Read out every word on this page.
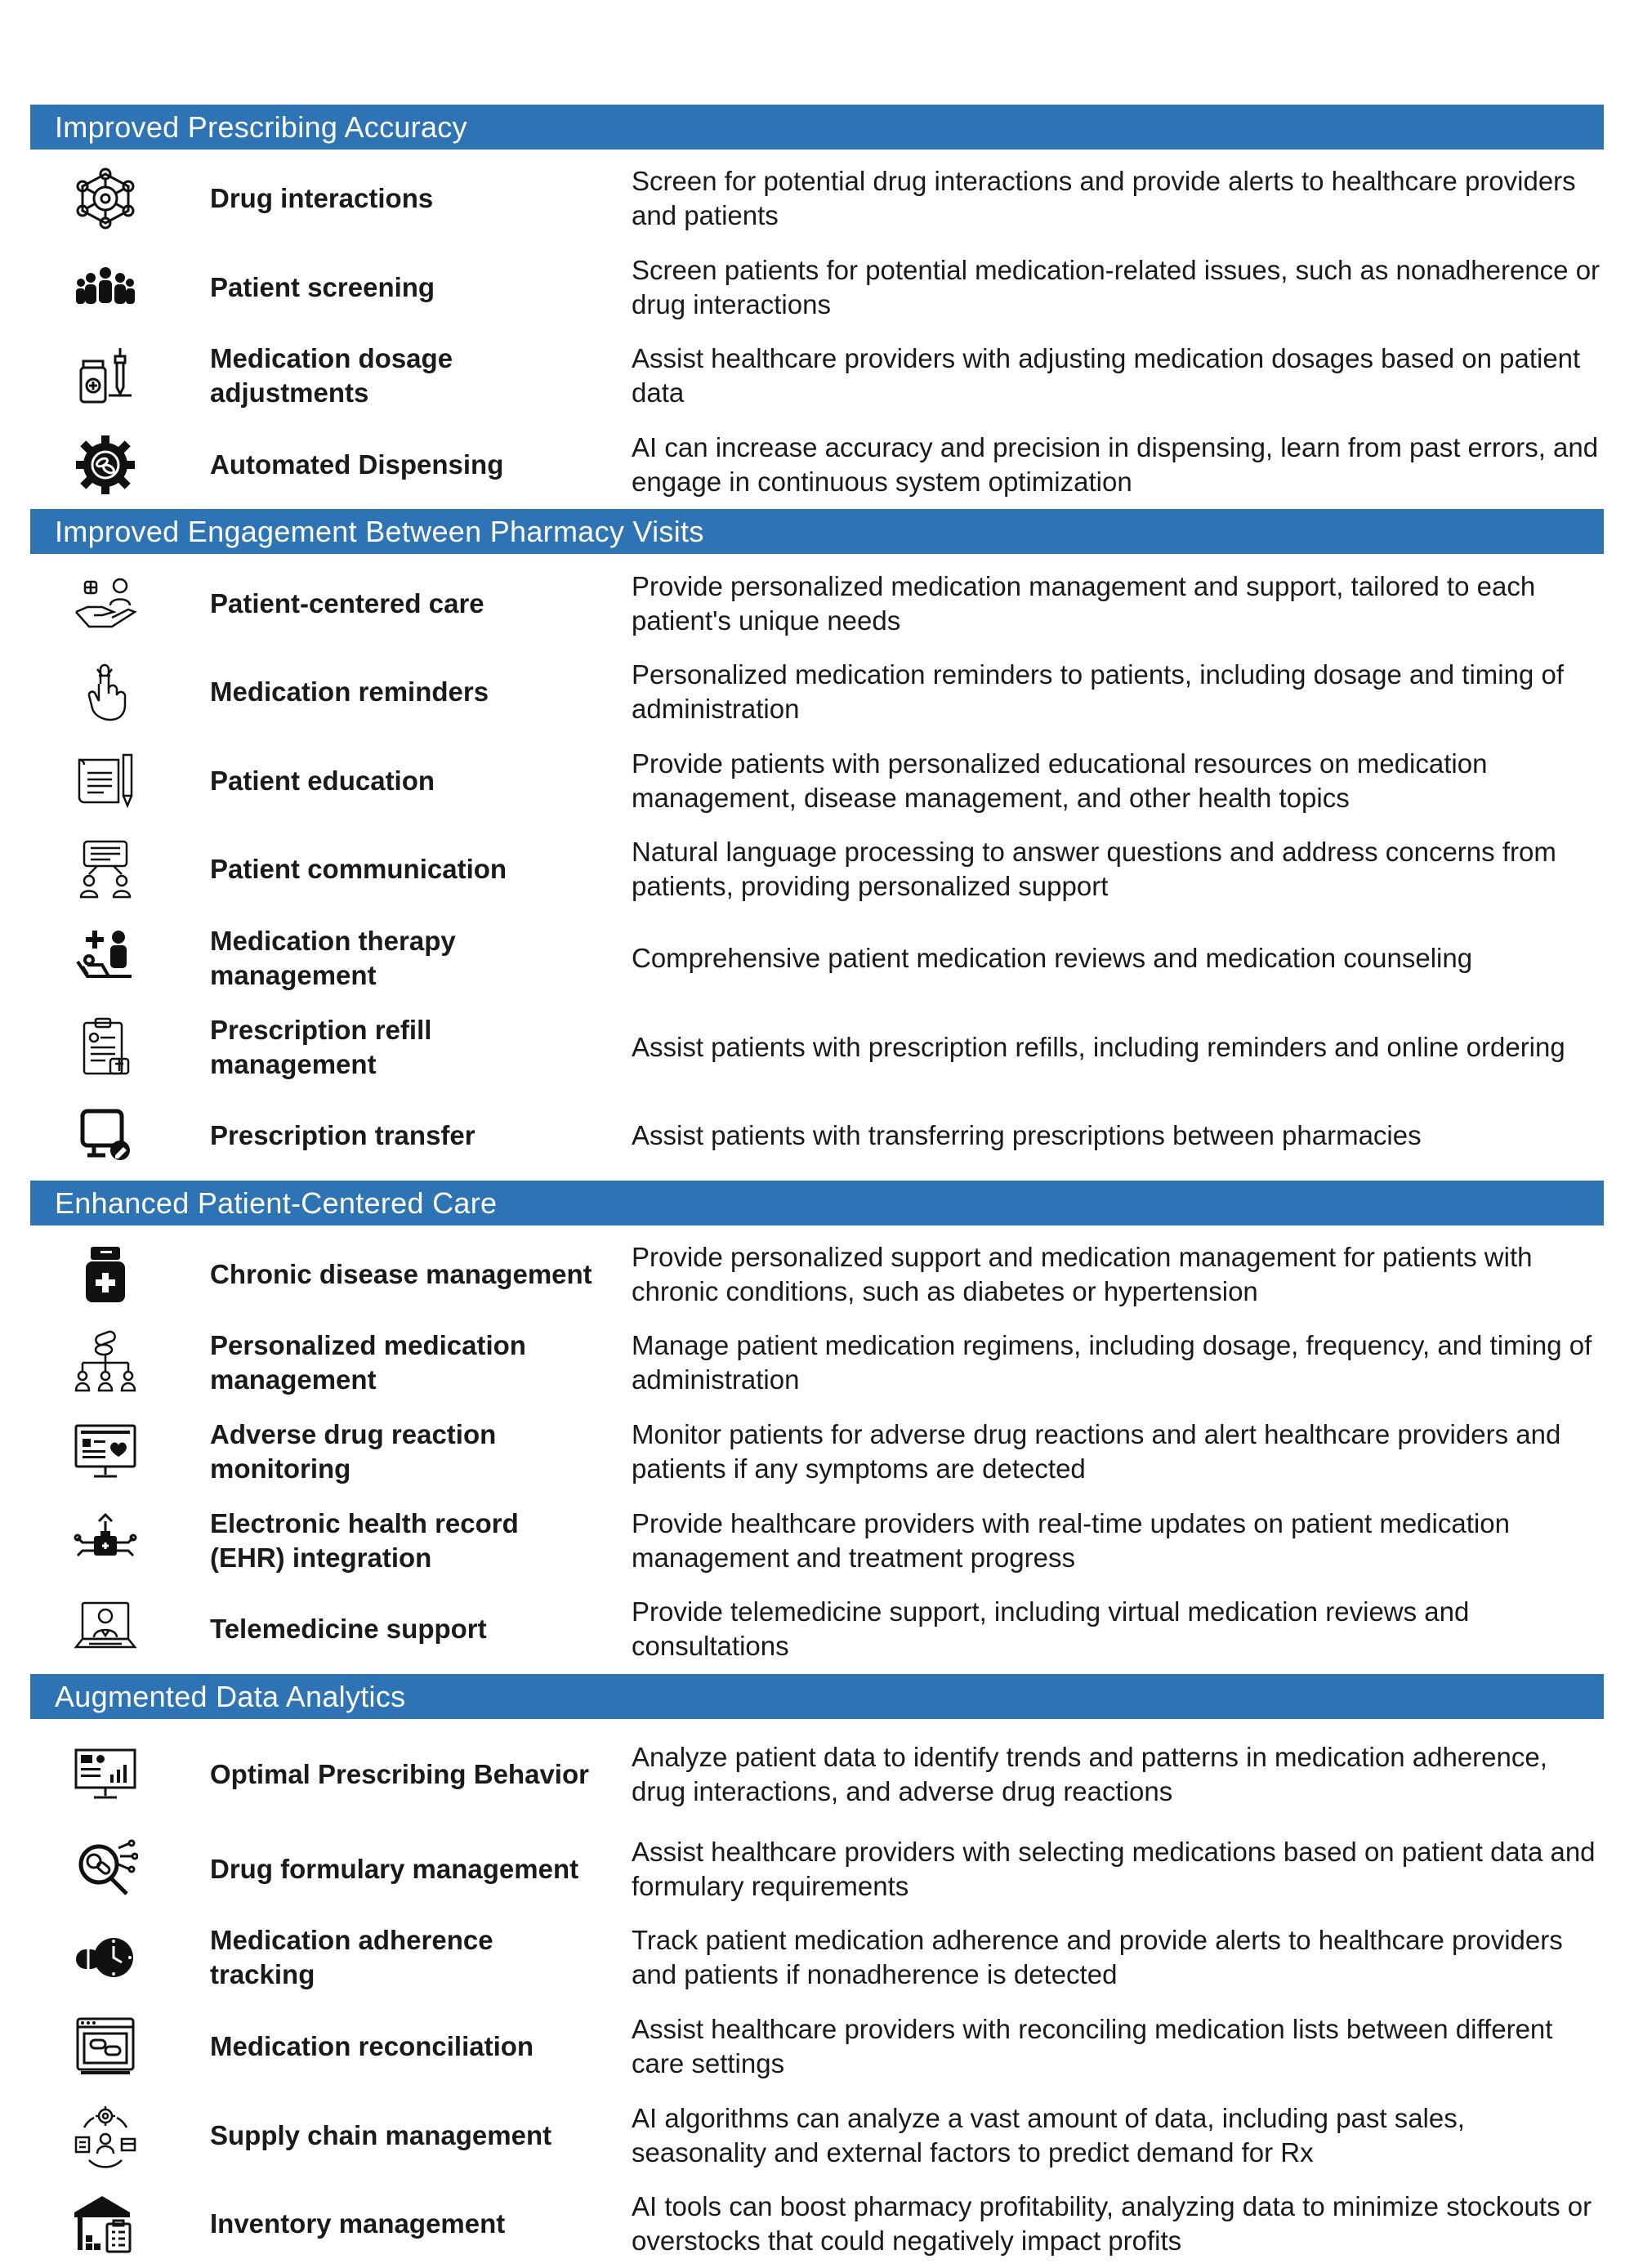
Improved Prescribing Accuracy
Drug interactions
Screen for potential drug interactions and provide alerts to healthcare providers and patients
Patient screening
Screen patients for potential medication-related issues, such as nonadherence or drug interactions
Medication dosage adjustments
Assist healthcare providers with adjusting medication dosages based on patient data
Automated Dispensing
AI can increase accuracy and precision in dispensing, learn from past errors, and engage in continuous system optimization
Improved Engagement Between Pharmacy Visits
Patient-centered care
Provide personalized medication management and support, tailored to each patient's unique needs
Medication reminders
Personalized medication reminders to patients, including dosage and timing of administration
Patient education
Provide patients with personalized educational resources on medication management, disease management, and other health topics
Patient communication
Natural language processing to answer questions and address concerns from patients, providing personalized support
Medication therapy management
Comprehensive patient medication reviews and medication counseling
Prescription refill management
Assist patients with prescription refills, including reminders and online ordering
Prescription transfer	Assist patients with transferring prescriptions between pharmacies
Enhanced Patient-Centered Care
Chronic disease management
Provide personalized support and medication management for patients with chronic conditions, such as diabetes or hypertension
Personalized medication management
Manage patient medication regimens, including dosage, frequency, and timing of administration
Adverse drug reaction monitoring
Monitor patients for adverse drug reactions and alert healthcare providers and patients if any symptoms are detected
Electronic health record (EHR) integration
Provide healthcare providers with real-time updates on patient medication management and treatment progress
Telemedicine support
Provide telemedicine support, including virtual medication reviews and consultations
Augmented Data Analytics
Optimal Prescribing Behavior
Analyze patient data to identify trends and patterns in medication adherence, drug interactions, and adverse drug reactions
Drug formulary management
Assist healthcare providers with selecting medications based on patient data and formulary requirements
Medication adherence tracking
Track patient medication adherence and provide alerts to healthcare providers and patients if nonadherence is detected
Medication reconciliation
Assist healthcare providers with reconciling medication lists between different care settings
Supply chain management
AI algorithms can analyze a vast amount of data, including past sales, seasonality and external factors to predict demand for Rx
Inventory management
AI tools can boost pharmacy profitability, analyzing data to minimize stockouts or overstocks that could negatively impact profits
